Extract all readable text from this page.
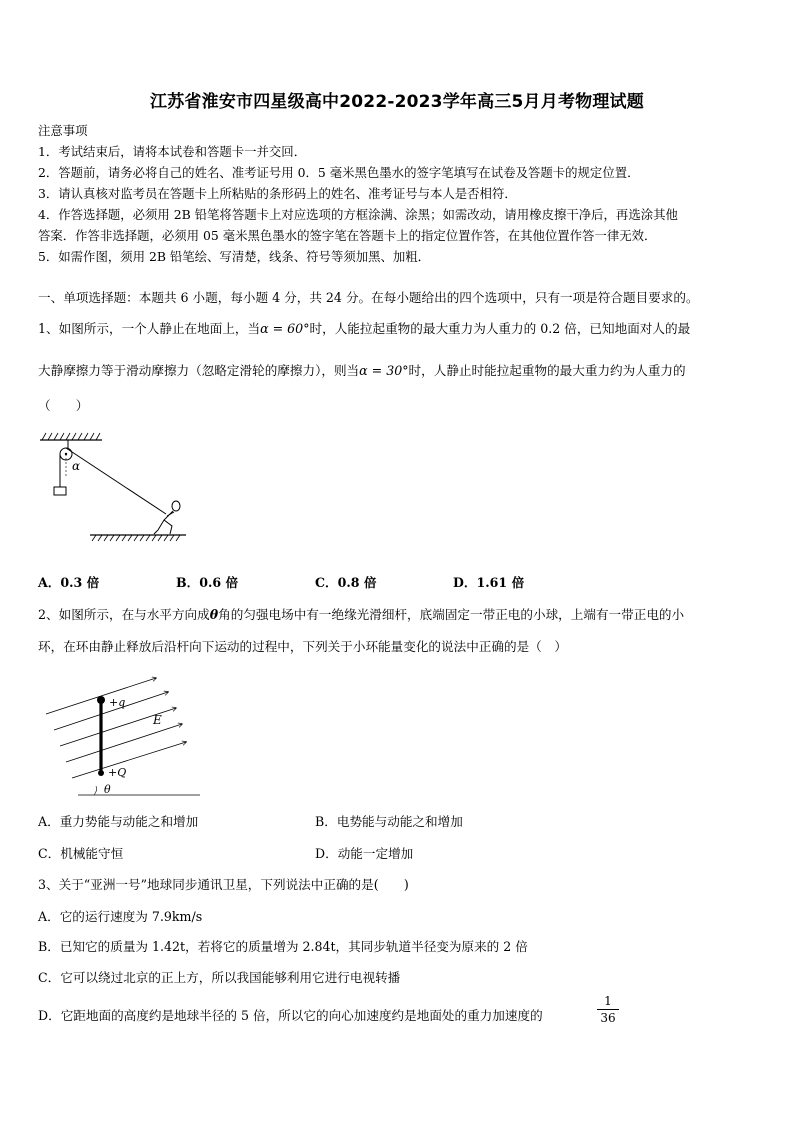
江苏省淮安市四星级高中2022-2023学年高三5月月考物理试题
注意事项
1．考试结束后，请将本试卷和答题卡一并交回．
2．答题前，请务必将自己的姓名、准考证号用 0．5 毫米黑色墨水的签字笔填写在试卷及答题卡的规定位置．
3．请认真核对监考员在答题卡上所粘贴的条形码上的姓名、准考证号与本人是否相符．
4．作答选择题，必须用 2B 铅笔将答题卡上对应选项的方框涂满、涂黑；如需改动，请用橡皮擦干净后，再选涂其他
答案．作答非选择题，必须用 05 毫米黑色墨水的签字笔在答题卡上的指定位置作答，在其他位置作答一律无效．
5．如需作图，须用 2B 铅笔绘、写清楚，线条、符号等须加黑、加粗．
一、单项选择题：本题共 6 小题，每小题 4 分，共 24 分。在每小题给出的四个选项中，只有一项是符合题目要求的。
1、如图所示，一个人静止在地面上，当α = 60°时，人能拉起重物的最大重力为人重力的 0.2 倍，已知地面对人的最
大静摩擦力等于滑动摩擦力（忽略定滑轮的摩擦力），则当α = 30°时，人静止时能拉起重物的最大重力约为人重力的
（　　）
α
A．0.3 倍	B．0.6 倍	C．0.8 倍	D．1.61 倍
2、如图所示，在与水平方向成θ角的匀强电场中有一绝缘光滑细杆，底端固定一带正电的小球，上端有一带正电的小
环，在环由静止释放后沿杆向下运动的过程中，下列关于小环能量变化的说法中正确的是（　）
+q
+Q
E
θ
A．重力势能与动能之和增加	B．电势能与动能之和增加
C．机械能守恒	D．动能一定增加
3、关于“亚洲一号”地球同步通讯卫星，下列说法中正确的是(　　)
A．它的运行速度为 7.9km/s
B．已知它的质量为 1.42t，若将它的质量增为 2.84t，其同步轨道半径变为原来的 2 倍
C．它可以绕过北京的正上方，所以我国能够利用它进行电视转播
D．它距地面的高度约是地球半径的 5 倍，所以它的向心加速度约是地面处的重力加速度的
1
36
